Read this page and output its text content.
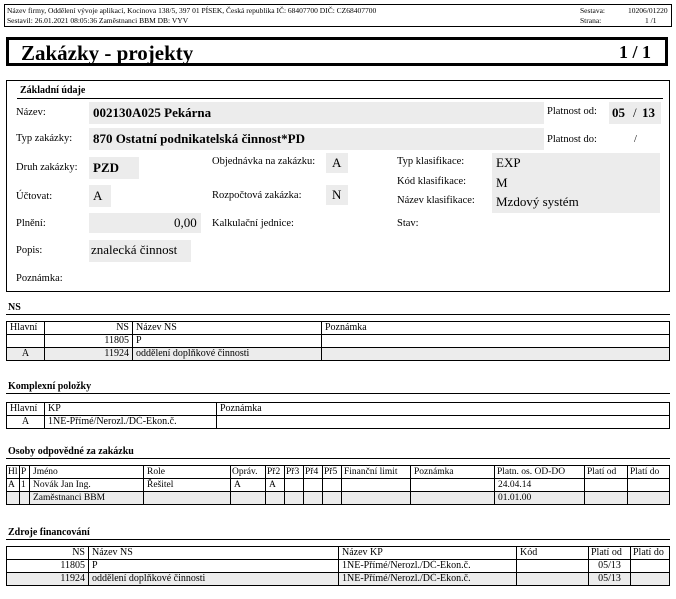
Název firmy, Oddělení vývoje aplikací, Kocinova 138/5, 397 01 PÍSEK, Česká republika IČ: 68407700 DIČ: CZ68407700
Sestavil: 26.01.2021 08:05:36 Zaměstnanci BBM DB: VYV
Sestava:	10206/01220
Strana:	1 /1
Zakázky - projekty	1 / 1
Základní údaje
Název:	002130A025 Pekárna	Platnost od: 05 / 13
Typ zakázky: 870 Ostatní podnikatelská činnost*PD	Platnost do:	/
Druh zakázky: PZD	Objednávka na zakázku: A	Typ klasifikace: EXP
Kód klasifikace: M
Účtovat:	A	Rozpočtová zakázka: N	Název klasifikace: Mzdový systém
Plnění:	0,00 Kalkulační jednice:	Stav:
Popis:	znalecká činnost
Poznámka:
NS
Hlavní	NS	Název NS	Poznámka
	11805	P	
A	11924	oddělení doplňkové činnosti	
Komplexní položky
Hlavní	KP	Poznámka
A	1NE-Přímé/Nerozl./DČ-Ekon.č.	
Osoby odpovědné za zakázku
Hl	P	Jméno	Role	Opráv.	Př2	Př3	Př4	Př5	Finanční limit	Poznámka	Platn. os. OD-DO	Platí od	Platí do
A	1	Novák Jan Ing.	Řešitel	A	A						24.04.14		
		Zaměstnanci BBM									01.01.00		
Zdroje financování
NS	Název NS	Název KP	Kód	Platí od	Platí do
11805	P	1NE-Přímé/Nerozl./DČ-Ekon.č.		05/13	
11924	oddělení doplňkové činnosti	1NE-Přímé/Nerozl./DČ-Ekon.č.		05/13	
